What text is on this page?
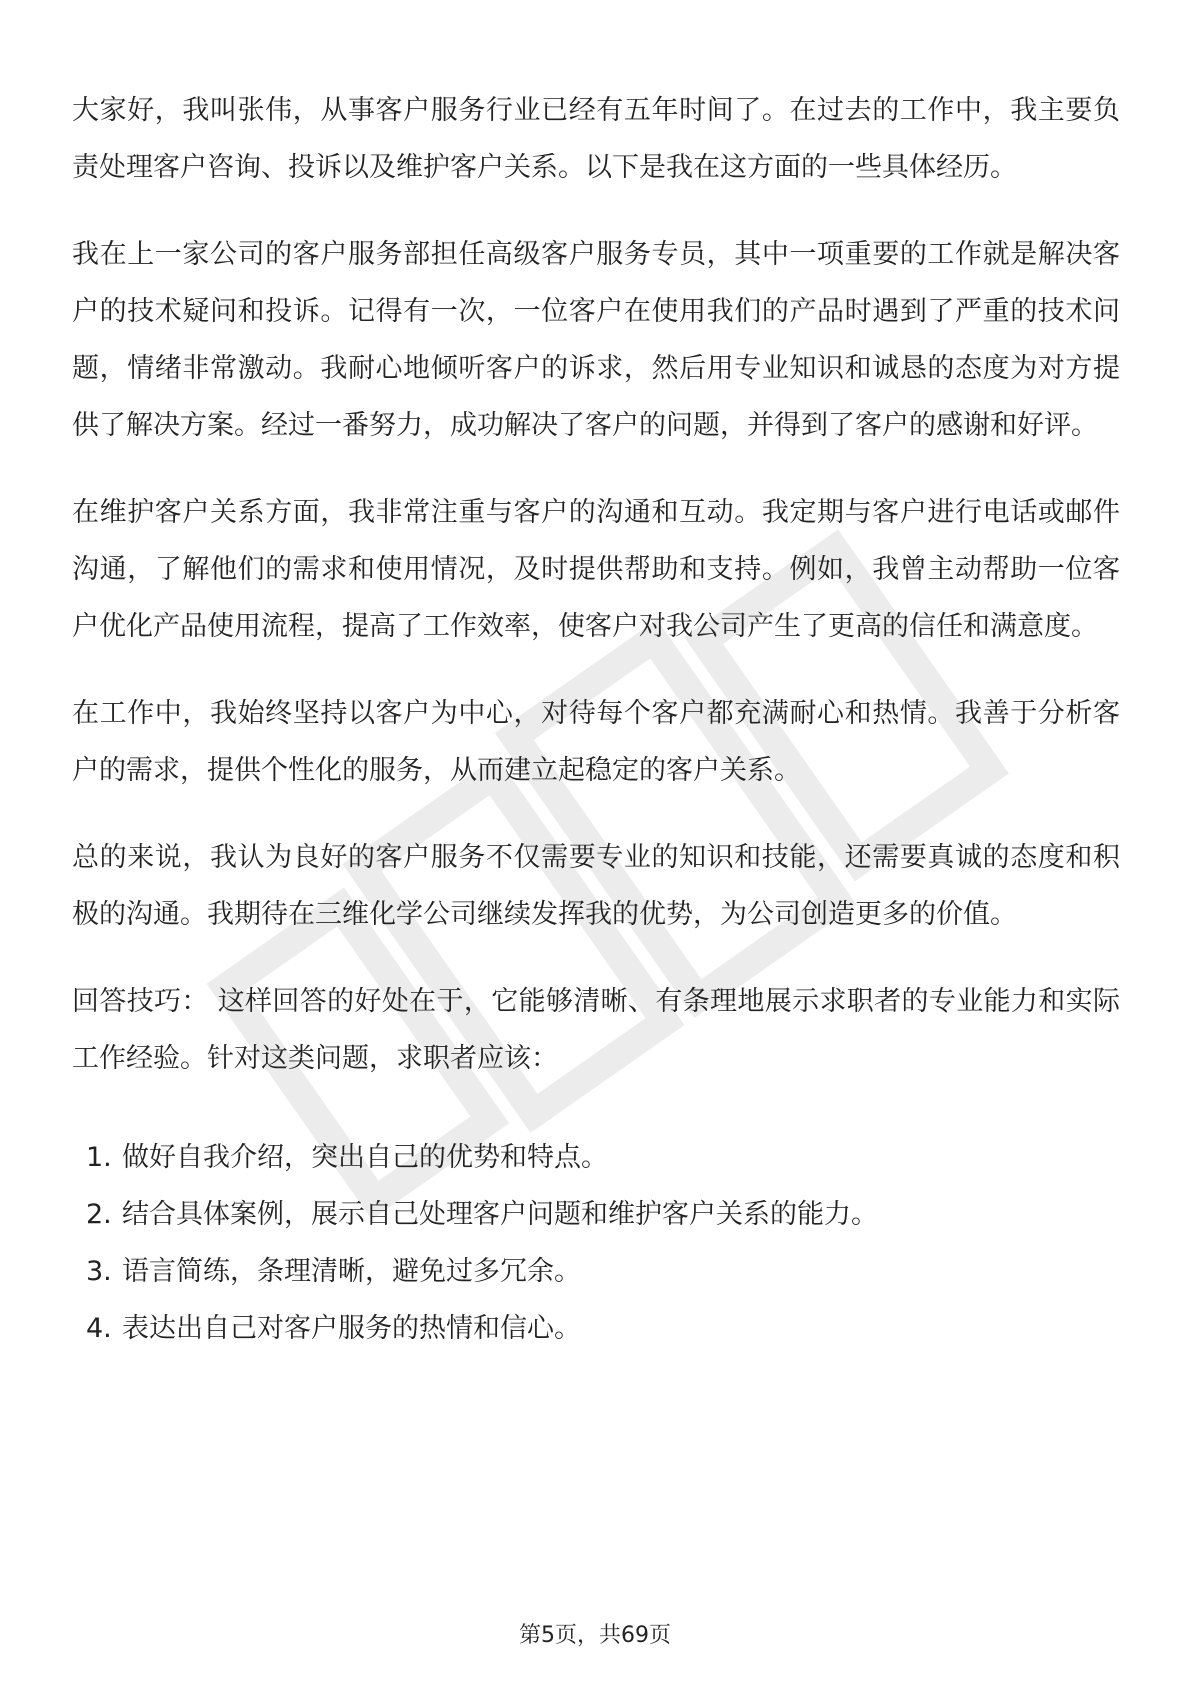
大家好，我叫张伟，从事客户服务行业已经有五年时间了。在过去的工作中，我主要负责处理客户咨询、投诉以及维护客户关系。以下是我在这方面的一些具体经历。

我在上一家公司的客户服务部担任高级客户服务专员，其中一项重要的工作就是解决客户的技术疑问和投诉。记得有一次，一位客户在使用我们的产品时遇到了严重的技术问题，情绪非常激动。我耐心地倾听客户的诉求，然后用专业知识和诚恳的态度为对方提供了解决方案。经过一番努力，成功解决了客户的问题，并得到了客户的感谢和好评。

在维护客户关系方面，我非常注重与客户的沟通和互动。我定期与客户进行电话或邮件沟通，了解他们的需求和使用情况，及时提供帮助和支持。例如，我曾主动帮助一位客户优化产品使用流程，提高了工作效率，使客户对我公司产生了更高的信任和满意度。

在工作中，我始终坚持以客户为中心，对待每个客户都充满耐心和热情。我善于分析客户的需求，提供个性化的服务，从而建立起稳定的客户关系。

总的来说，我认为良好的客户服务不仅需要专业的知识和技能，还需要真诚的态度和积极的沟通。我期待在三维化学公司继续发挥我的优势，为公司创造更多的价值。

回答技巧： 这样回答的好处在于，它能够清晰、有条理地展示求职者的专业能力和实际工作经验。针对这类问题，求职者应该：

1. 做好自我介绍，突出自己的优势和特点。
2. 结合具体案例，展示自己处理客户问题和维护客户关系的能力。
3. 语言简练，条理清晰，避免过多冗余。
4. 表达出自己对客户服务的热情和信心。
第5页，共69页
